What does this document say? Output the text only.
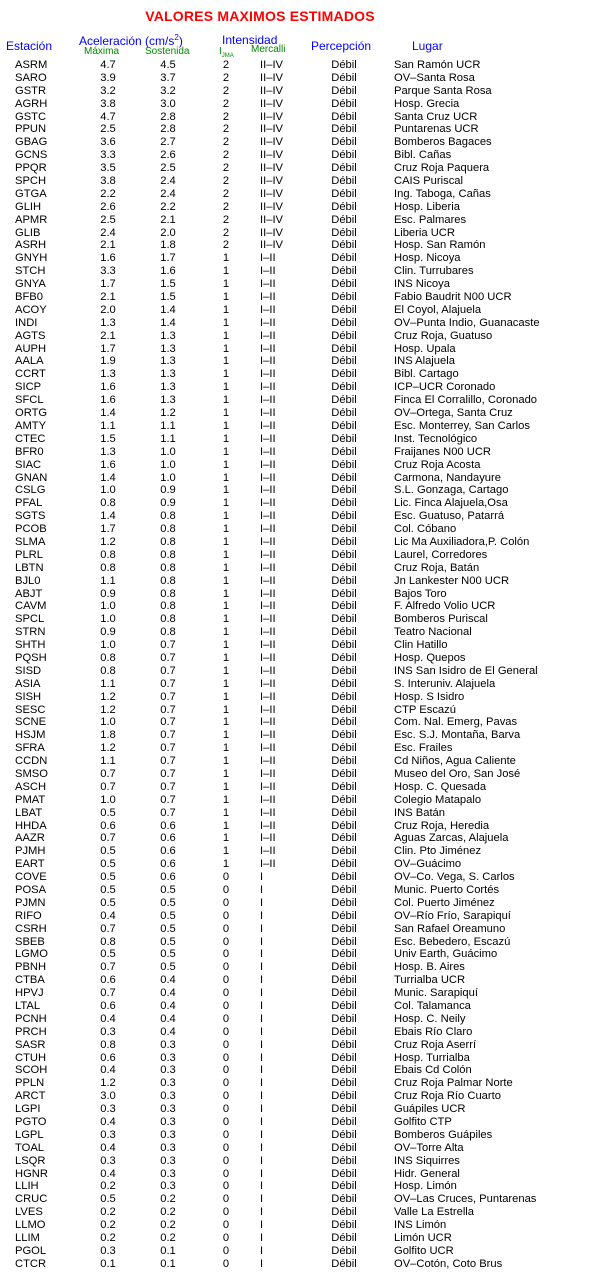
VALORES MAXIMOS ESTIMADOS
Estación Aceleración $(cm/s^2)$	Intensidad	Percepción	Lugar
Máxima	Sostenida	$I_{JMA}$
Mercalli
ASRM	4.7	4.5	2	II–IV	Débil	San Ramón UCR
SARO	3.9	3.7	2	II–IV	Débil	OV–Santa Rosa
GSTR	3.2	3.2	2	II–IV	Débil	Parque Santa Rosa
AGRH	3.8	3.0	2	II–IV	Débil	Hosp. Grecia
GSTC	4.7	2.8	2	II–IV	Débil	Santa Cruz UCR
PPUN	2.5	2.8	2	II–IV	Débil	Puntarenas UCR
GBAG	3.6	2.7	2	II–IV	Débil	Bomberos Bagaces
GCNS	3.3	2.6	2	II–IV	Débil	Bibl. Cañas
PPQR	3.5	2.5	2	II–IV	Débil	Cruz Roja Paquera
SPCH	3.8	2.4	2	II–IV	Débil	CAIS Puriscal
GTGA	2.2	2.4	2	II–IV	Débil	Ing. Taboga, Cañas
GLIH	2.6	2.2	2	II–IV	Débil	Hosp. Liberia
APMR	2.5	2.1	2	II–IV	Débil	Esc. Palmares
GLIB	2.4	2.0	2	II–IV	Débil	Liberia UCR
ASRH	2.1	1.8	2	II–IV	Débil	Hosp. San Ramón
GNYH	1.6	1.7	1	I–II	Débil	Hosp. Nicoya
STCH	3.3	1.6	1	I–II	Débil	Clin. Turrubares
GNYA	1.7	1.5	1	I–II	Débil	INS Nicoya
BFB0	2.1	1.5	1	I–II	Débil	Fabio Baudrit N00 UCR
ACOY	2.0	1.4	1	I–II	Débil	El Coyol, Alajuela
INDI	1.3	1.4	1	I–II	Débil	OV–Punta Indio, Guanacaste
AGTS	2.1	1.3	1	I–II	Débil	Cruz Roja, Guatuso
AUPH	1.7	1.3	1	I–II	Débil	Hosp. Upala
AALA	1.9	1.3	1	I–II	Débil	INS Alajuela
CCRT	1.3	1.3	1	I–II	Débil	Bibl. Cartago
SICP	1.6	1.3	1	I–II	Débil	ICP–UCR Coronado
SFCL	1.6	1.3	1	I–II	Débil	Finca El Corralillo, Coronado
ORTG	1.4	1.2	1	I–II	Débil	OV–Ortega, Santa Cruz
AMTY	1.1	1.1	1	I–II	Débil	Esc. Monterrey, San Carlos
CTEC	1.5	1.1	1	I–II	Débil	Inst. Tecnológico
BFR0	1.3	1.0	1	I–II	Débil	Fraijanes N00 UCR
SIAC	1.6	1.0	1	I–II	Débil	Cruz Roja Acosta
GNAN	1.4	1.0	1	I–II	Débil	Carmona, Nandayure
CSLG	1.0	0.9	1	I–II	Débil	S.L. Gonzaga, Cartago
PFAL	0.8	0.9	1	I–II	Débil	Lic. Finca Alajuela,Osa
SGTS	1.4	0.8	1	I–II	Débil	Esc. Guatuso, Patarrá
PCOB	1.7	0.8	1	I–II	Débil	Col. Cóbano
SLMA	1.2	0.8	1	I–II	Débil	Lic Ma Auxiliadora,P. Colón
PLRL	0.8	0.8	1	I–II	Débil	Laurel, Corredores
LBTN	0.8	0.8	1	I–II	Débil	Cruz Roja, Batán
BJL0	1.1	0.8	1	I–II	Débil	Jn Lankester N00 UCR
ABJT	0.9	0.8	1	I–II	Débil	Bajos Toro
CAVM	1.0	0.8	1	I–II	Débil	F. Alfredo Volio UCR
SPCL	1.0	0.8	1	I–II	Débil	Bomberos Puriscal
STRN	0.9	0.8	1	I–II	Débil	Teatro Nacional
SHTH	1.0	0.7	1	I–II	Débil	Clin Hatillo
PQSH	0.8	0.7	1	I–II	Débil	Hosp. Quepos
SISD	0.8	0.7	1	I–II	Débil	INS San Isidro de El General
ASIA	1.1	0.7	1	I–II	Débil	S. Interuniv. Alajuela
SISH	1.2	0.7	1	I–II	Débil	Hosp. S Isidro
SESC	1.2	0.7	1	I–II	Débil	CTP Escazú
SCNE	1.0	0.7	1	I–II	Débil	Com. Nal. Emerg, Pavas
HSJM	1.8	0.7	1	I–II	Débil	Esc. S.J. Montaña, Barva
SFRA	1.2	0.7	1	I–II	Débil	Esc. Frailes
CCDN	1.1	0.7	1	I–II	Débil	Cd Niños, Agua Caliente
SMSO	0.7	0.7	1	I–II	Débil	Museo del Oro, San José
ASCH	0.7	0.7	1	I–II	Débil	Hosp. C. Quesada
PMAT	1.0	0.7	1	I–II	Débil	Colegio Matapalo
LBAT	0.5	0.7	1	I–II	Débil	INS Batán
HHDA	0.6	0.6	1	I–II	Débil	Cruz Roja, Heredia
AAZR	0.7	0.6	1	I–II	Débil	Aguas Zarcas, Alajuela
PJMH	0.5	0.6	1	I–II	Débil	Clin. Pto Jiménez
EART	0.5	0.6	1	I–II	Débil	OV–Guácimo
COVE	0.5	0.6	0	I	Débil	OV–Co. Vega, S. Carlos
POSA	0.5	0.5	0	I	Débil	Munic. Puerto Cortés
PJMN	0.5	0.5	0	I	Débil	Col. Puerto Jiménez
RIFO	0.4	0.5	0	I	Débil	OV–Río Frío, Sarapiquí
CSRH	0.7	0.5	0	I	Débil	San Rafael Oreamuno
SBEB	0.8	0.5	0	I	Débil	Esc. Bebedero, Escazú
LGMO	0.5	0.5	0	I	Débil	Univ Earth, Guácimo
PBNH	0.7	0.5	0	I	Débil	Hosp. B. Aires
CTBA	0.6	0.4	0	I	Débil	Turrialba UCR
HPVJ	0.7	0.4	0	I	Débil	Munic. Sarapiquí
LTAL	0.6	0.4	0	I	Débil	Col. Talamanca
PCNH	0.4	0.4	0	I	Débil	Hosp. C. Neily
PRCH	0.3	0.4	0	I	Débil	Ebais Río Claro
SASR	0.8	0.3	0	I	Débil	Cruz Roja Aserrí
CTUH	0.6	0.3	0	I	Débil	Hosp. Turrialba
SCOH	0.4	0.3	0	I	Débil	Ebais Cd Colón
PPLN	1.2	0.3	0	I	Débil	Cruz Roja Palmar Norte
ARCT	3.0	0.3	0	I	Débil	Cruz Roja Río Cuarto
LGPI	0.3	0.3	0	I	Débil	Guápiles UCR
PGTO	0.4	0.3	0	I	Débil	Golfito CTP
LGPL	0.3	0.3	0	I	Débil	Bomberos Guápiles
TOAL	0.4	0.3	0	I	Débil	OV–Torre Alta
LSQR	0.3	0.3	0	I	Débil	INS Siquirres
HGNR	0.4	0.3	0	I	Débil	Hidr. General
LLIH	0.2	0.3	0	I	Débil	Hosp. Limón
CRUC	0.5	0.2	0	I	Débil	OV–Las Cruces, Puntarenas
LVES	0.2	0.2	0	I	Débil	Valle La Estrella
LLMO	0.2	0.2	0	I	Débil	INS Limón
LLIM	0.2	0.2	0	I	Débil	Limón UCR
PGOL	0.3	0.1	0	I	Débil	Golfito UCR
CTCR	0.1	0.1	0	I	Débil	OV–Cotón, Coto Brus
